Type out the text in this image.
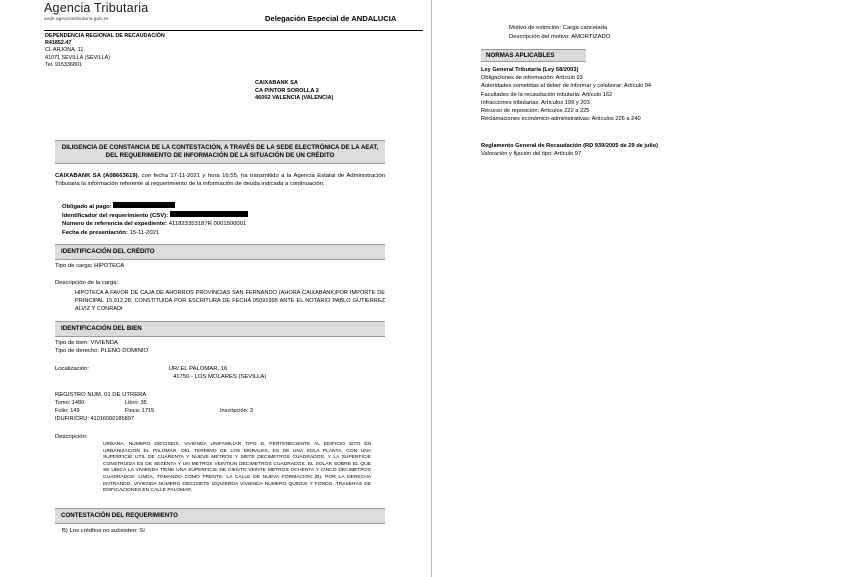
Agencia Tributaria
sede.agenciatributaria.gob.es	Delegación Especial de ANDALUCIA
DEPENDENCIA REGIONAL DE RECAUDACIÓN
R41852.47
CL ARJONA, 11
41071 SEVILLA (SEVILLA)
Tel. 915336801
CAIXABANK SA
CA PINTOR SOROLLA 2
46002 VALENCIA (VALENCIA)
DILIGENCIA DE CONSTANCIA DE LA CONTESTACIÓN, A TRAVÉS DE LA SEDE ELECTRÓNICA DE LA AEAT, DEL REQUERIMIENTO DE INFORMACIÓN DE LA SITUACIÓN DE UN CRÉDITO
CAIXABANK SA (A08663619), con fecha 17-11-2021 y hora 16:55, ha transmitido a la Agencia Estatal de Administración Tributaria la información referente al requerimiento de la información de deuda indicada a continuación.
Obligado al pago:
Identificador del requerimiento (CSV):
Número de referencia del expediente: 411823353187R 0001500001
Fecha de presentación: 15-11-2021
IDENTIFICACIÓN DEL CRÉDITO
Tipo de carga: HIPOTECA
Descripción de la carga:
HIPOTECA A FAVOR DE CAJA DE AHORROS PROVINCIAS SAN FERNANDO (AHORA CAIXABANK)POR IMPORTE DE PRINCIPAL 15.912,28, CONSTITUIDA POR ESCRITURA DE FECHA 05091995 ANTE EL NOTARIO PABLO GUTIERREZ ALVIZ Y CONRADI
IDENTIFICACIÓN DEL BIEN
Tipo de bien: VIVIENDA
Tipo de derecho: PLENO DOMINIO
Localización:	UR/ EL PALOMAR, 16
41750 - LOS MOLARES (SEVILLA)
REGISTRO NUM. 01 DE UTRERA
Tomo: 1480	Libro: 35
Folio: 149	Finca: 1715	Inscripción: 3
IDUFIR/CRU: 41016000185897
Descripción:
URBANA, NUMERO DIECISEIS, VIVIENDA UNIFAMILIAR TIPO D, PERTENECIENTE AL EDIFICIO SITO EN URBANIZACION EL PALOMAR, DEL TERMINO DE LOS MORALES, ES DE UNA SOLA PLANTA, CON UNA SUPERFICIE UTIL DE CUARENTA Y NUEVE METROS Y SIETE DECIMETROS CUADRADOS, Y LA SUPERFICIE CONSTRUIDA ES DE SESENTA Y UN METROS VEINTIUN DECIMETROS CUADRADOS. EL SOLAR SOBRE EL QUE SE UBICA LA VIVIENDA TIENE UNA SUPERFICIE DE CIENTO VEINTE METROS OCHENTA Y CINCO DECIMETROS CUADRADOS. LINDA, TOMANDO COMO FRENTE, LA CALLE DE NUEVA FORMACION (B), POR LA DERECHA ENTRANDO, VIVIENDA NUMERO DIECISIETE IZQUIERDA VIVIENDA NUMERO QUINCE Y FONDO, TRASERAS DE EDIFICACIONES EN CALLE PALOMAR.
CONTESTACIÓN DEL REQUERIMIENTO
B) Los créditos no subsisten: Sí
Motivo de extinción: Carga cancelada
Descripción del motivo: AMORTIZADO
NORMAS APLICABLES
Ley General Tributaria (Ley 58/2003)
Obligaciones de información: Artículo 93
Autoridades sometidas al deber de informar y colaborar: Artículo 94
Facultades de la recaudación tributaria: Artículo 162
Infracciones tributarias: Artículos 199 y 203
Recurso de reposición: Artículos 222 a 225
Reclamaciones económico-administrativas: Artículos 226 a 240
Reglamento General de Recaudación (RD 939/2005 de 29 de julio)
Valoración y fijación del tipo: Artículo 97
